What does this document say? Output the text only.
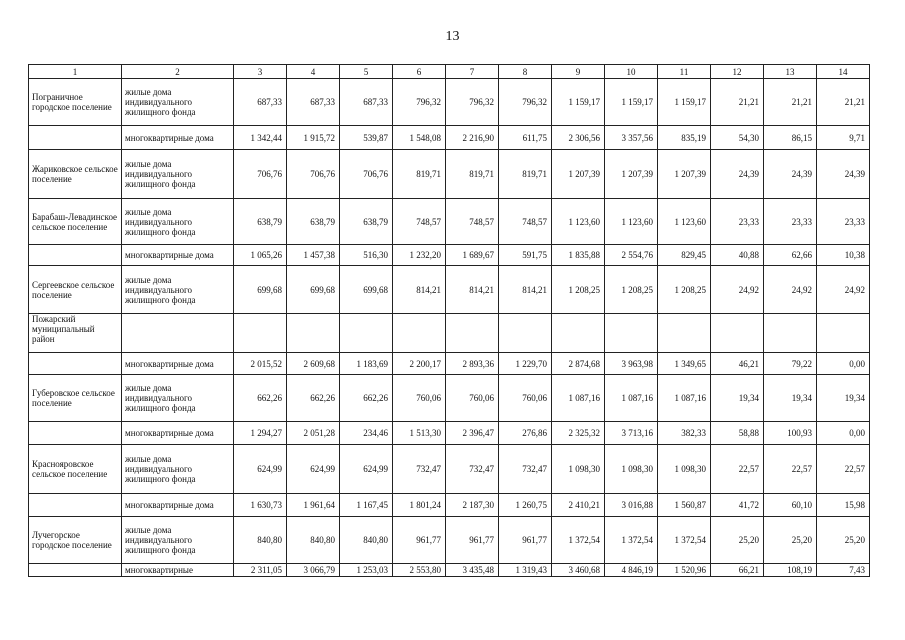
13
1	2	3	4	5	6	7	8	9	10	11	12	13	14
Пограничное городское поселение	жилые дома индивидуального жилищного фонда	687,33	687,33	687,33	796,32	796,32	796,32	1 159,17	1 159,17	1 159,17	21,21	21,21	21,21
	многоквартирные дома	1 342,44	1 915,72	539,87	1 548,08	2 216,90	611,75	2 306,56	3 357,56	835,19	54,30	86,15	9,71
Жариковское сельское поселение	жилые дома индивидуального жилищного фонда	706,76	706,76	706,76	819,71	819,71	819,71	1 207,39	1 207,39	1 207,39	24,39	24,39	24,39
Барабаш-Левадинское сельское поселение	жилые дома индивидуального жилищного фонда	638,79	638,79	638,79	748,57	748,57	748,57	1 123,60	1 123,60	1 123,60	23,33	23,33	23,33
	многоквартирные дома	1 065,26	1 457,38	516,30	1 232,20	1 689,67	591,75	1 835,88	2 554,76	829,45	40,88	62,66	10,38
Сергеевское сельское поселение	жилые дома индивидуального жилищного фонда	699,68	699,68	699,68	814,21	814,21	814,21	1 208,25	1 208,25	1 208,25	24,92	24,92	24,92
Пожарский муниципальный район													
	многоквартирные дома	2 015,52	2 609,68	1 183,69	2 200,17	2 893,36	1 229,70	2 874,68	3 963,98	1 349,65	46,21	79,22	0,00
Губеровское сельское поселение	жилые дома индивидуального жилищного фонда	662,26	662,26	662,26	760,06	760,06	760,06	1 087,16	1 087,16	1 087,16	19,34	19,34	19,34
	многоквартирные дома	1 294,27	2 051,28	234,46	1 513,30	2 396,47	276,86	2 325,32	3 713,16	382,33	58,88	100,93	0,00
Краснояровское сельское поселение	жилые дома индивидуального жилищного фонда	624,99	624,99	624,99	732,47	732,47	732,47	1 098,30	1 098,30	1 098,30	22,57	22,57	22,57
	многоквартирные дома	1 630,73	1 961,64	1 167,45	1 801,24	2 187,30	1 260,75	2 410,21	3 016,88	1 560,87	41,72	60,10	15,98
Лучегорское городское поселение	жилые дома индивидуального жилищного фонда	840,80	840,80	840,80	961,77	961,77	961,77	1 372,54	1 372,54	1 372,54	25,20	25,20	25,20
	многоквартирные	2 311,05	3 066,79	1 253,03	2 553,80	3 435,48	1 319,43	3 460,68	4 846,19	1 520,96	66,21	108,19	7,43
